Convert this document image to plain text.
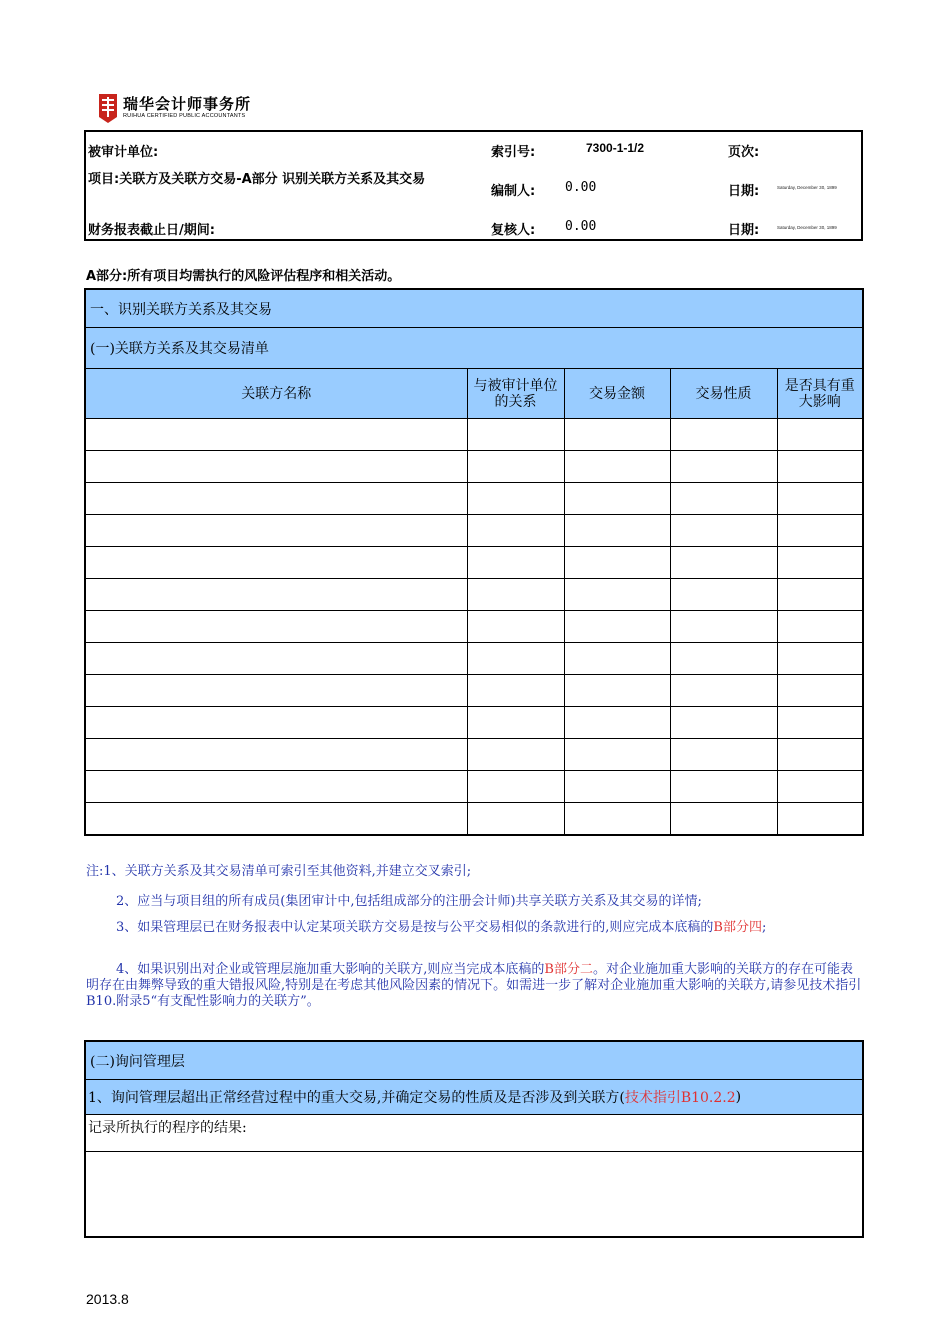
瑞华会计师事务所
RUIHUA CERTIFIED PUBLIC ACCOUNTANTS
被审计单位:	索引号:	7300-1-1/2	页次:
项目:关联方及关联方交易-A部分 识别关联方关系及其交易
编制人: 0.00	日期:	Saturday, December 30, 1899
财务报表截止日/期间:	复核人: 0.00	日期:	Saturday, December 30, 1899
A部分:所有项目均需执行的风险评估程序和相关活动。
一、识别关联方关系及其交易
(一)关联方关系及其交易清单
关联方名称	与被审计单位的关系	交易金额	交易性质	是否具有重大影响

注:1、关联方关系及其交易清单可索引至其他资料,并建立交叉索引;
2、应当与项目组的所有成员(集团审计中,包括组成部分的注册会计师)共享关联方关系及其交易的详情;
3、如果管理层已在财务报表中认定某项关联方交易是按与公平交易相似的条款进行的,则应完成本底稿的B部分四;
4、如果识别出对企业或管理层施加重大影响的关联方,则应当完成本底稿的B部分二。对企业施加重大影响的关联方的存在可能表明存在由舞弊导致的重大错报风险,特别是在考虑其他风险因素的情况下。如需进一步了解对企业施加重大影响的关联方,请参见技术指引B10.附录5“有支配性影响力的关联方”。
(二)询问管理层
1、询问管理层超出正常经营过程中的重大交易,并确定交易的性质及是否涉及到关联方( 技术指引B10.2.2 )
记录所执行的程序的结果:
2013.8
